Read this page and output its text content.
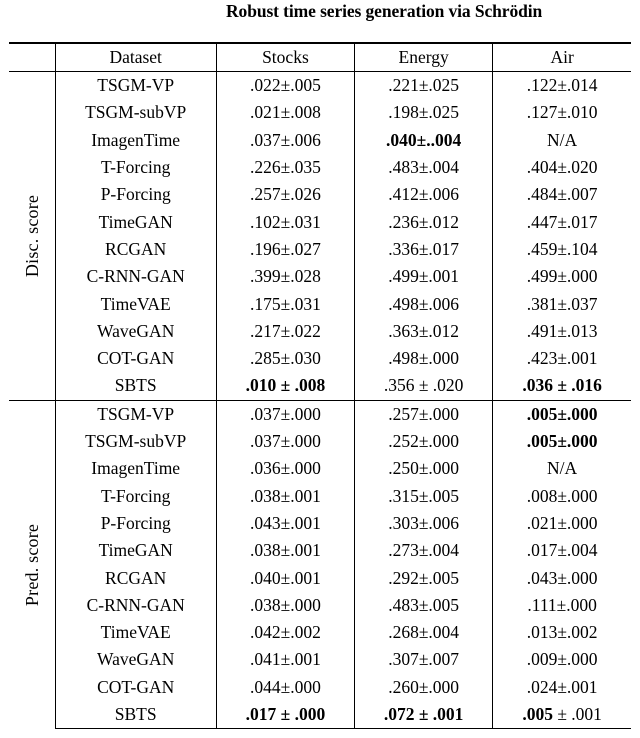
Robust time series generation via Schrödin
	Dataset	Stocks	Energy	Air

Disc. score	TSGM-VP	.022±.005	.221±.025	.122±.014
	TSGM-subVP	.021±.008	.198±.025	.127±.010
	ImagenTime	.037±.006	.040±..004	N/A
	T-Forcing	.226±.035	.483±.004	.404±.020
	P-Forcing	.257±.026	.412±.006	.484±.007
	TimeGAN	.102±.031	.236±.012	.447±.017
	RCGAN	.196±.027	.336±.017	.459±.104
	C-RNN-GAN	.399±.028	.499±.001	.499±.000
	TimeVAE	.175±.031	.498±.006	.381±.037
	WaveGAN	.217±.022	.363±.012	.491±.013
	COT-GAN	.285±.030	.498±.000	.423±.001
	SBTS	.010 ± .008	.356 ± .020	.036 ± .016

Pred. score	TSGM-VP	.037±.000	.257±.000	.005±.000
	TSGM-subVP	.037±.000	.252±.000	.005±.000
	ImagenTime	.036±.000	.250±.000	N/A
	T-Forcing	.038±.001	.315±.005	.008±.000
	P-Forcing	.043±.001	.303±.006	.021±.000
	TimeGAN	.038±.001	.273±.004	.017±.004
	RCGAN	.040±.001	.292±.005	.043±.000
	C-RNN-GAN	.038±.000	.483±.005	.111±.000
	TimeVAE	.042±.002	.268±.004	.013±.002
	WaveGAN	.041±.001	.307±.007	.009±.000
	COT-GAN	.044±.000	.260±.000	.024±.001
	SBTS	.017 ± .000	.072 ± .001	.005 ± .001
